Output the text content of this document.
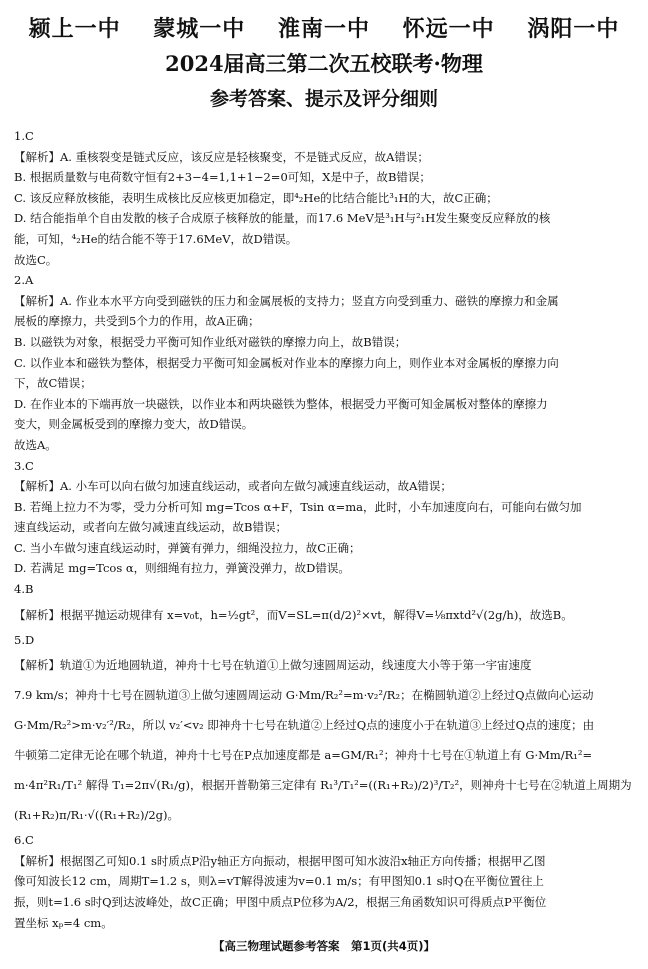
颍上一中 蒙城一中 淮南一中 怀远一中 涡阳一中
2024届高三第二次五校联考·物理
参考答案、提示及评分细则
1.C
【解析】A. 重核裂变是链式反应，该反应是轻核聚变，不是链式反应，故A错误；
B. 根据质量数与电荷数守恒有2+3−4=1,1+1−2=0可知，X是中子，故B错误；
C. 该反应释放核能，表明生成核比反应核更加稳定，即⁴₂He的比结合能比³₁H的大，故C正确；
D. 结合能指单个自由发散的核子合成原子核释放的能量，而17.6 MeV是³₁H与²₁H发生聚变反应释放的核
能，可知，⁴₂He的结合能不等于17.6MeV，故D错误。
故选C。
2.A
【解析】A. 作业本水平方向受到磁铁的压力和金属展板的支持力；竖直方向受到重力、磁铁的摩擦力和金属
展板的摩擦力，共受到5个力的作用，故A正确；
B. 以磁铁为对象，根据受力平衡可知作业纸对磁铁的摩擦力向上，故B错误；
C. 以作业本和磁铁为整体，根据受力平衡可知金属板对作业本的摩擦力向上，则作业本对金属板的摩擦力向
下，故C错误；
D. 在作业本的下端再放一块磁铁，以作业本和两块磁铁为整体，根据受力平衡可知金属板对整体的摩擦力
变大，则金属板受到的摩擦力变大，故D错误。
故选A。
3.C
【解析】A. 小车可以向右做匀加速直线运动，或者向左做匀减速直线运动，故A错误；
B. 若绳上拉力不为零，受力分析可知 mg=Tcos α+F，Tsin α=ma，此时，小车加速度向右，可能向右做匀加
速直线运动，或者向左做匀减速直线运动，故B错误；
C. 当小车做匀速直线运动时，弹簧有弹力，细绳没拉力，故C正确；
D. 若满足 mg=Tcos α，则细绳有拉力，弹簧没弹力，故D错误。
4.B
【解析】根据平抛运动规律有 x=v₀t，h=½gt²，而V=SL=π(d/2)²×vt，解得V=⅛πxtd²√(2g/h)，故选B。
5.D
【解析】轨道①为近地圆轨道，神舟十七号在轨道①上做匀速圆周运动，线速度大小等于第一宇宙速度
7.9 km/s；神舟十七号在圆轨道③上做匀速圆周运动 G·Mm/R₂²=m·v₂²/R₂；在椭圆轨道②上经过Q点做向心运动
G·Mm/R₂²>m·v₂′²/R₂，所以 v₂′<v₂ 即神舟十七号在轨道②上经过Q点的速度小于在轨道③上经过Q点的速度；由
牛顿第二定律无论在哪个轨道，神舟十七号在P点加速度都是 a=GM/R₁²；神舟十七号在①轨道上有 G·Mm/R₁²=
m·4π²R₁/T₁² 解得 T₁=2π√(R₁/g)，根据开普勒第三定律有 R₁³/T₁²=((R₁+R₂)/2)³/T₂²，则神舟十七号在②轨道上周期为
(R₁+R₂)π/R₁·√((R₁+R₂)/2g)。
6.C
【解析】根据图乙可知0.1 s时质点P沿y轴正方向振动，根据甲图可知水波沿x轴正方向传播；根据甲乙图
像可知波长12 cm，周期T=1.2 s，则λ=vT解得波速为v=0.1 m/s；有甲图知0.1 s时Q在平衡位置往上
振，则t=1.6 s时Q到达波峰处，故C正确；甲图中质点P位移为A/2，根据三角函数知识可得质点P平衡位
置坐标 xₚ=4 cm。
【高三物理试题参考答案　第1页(共4页)】
